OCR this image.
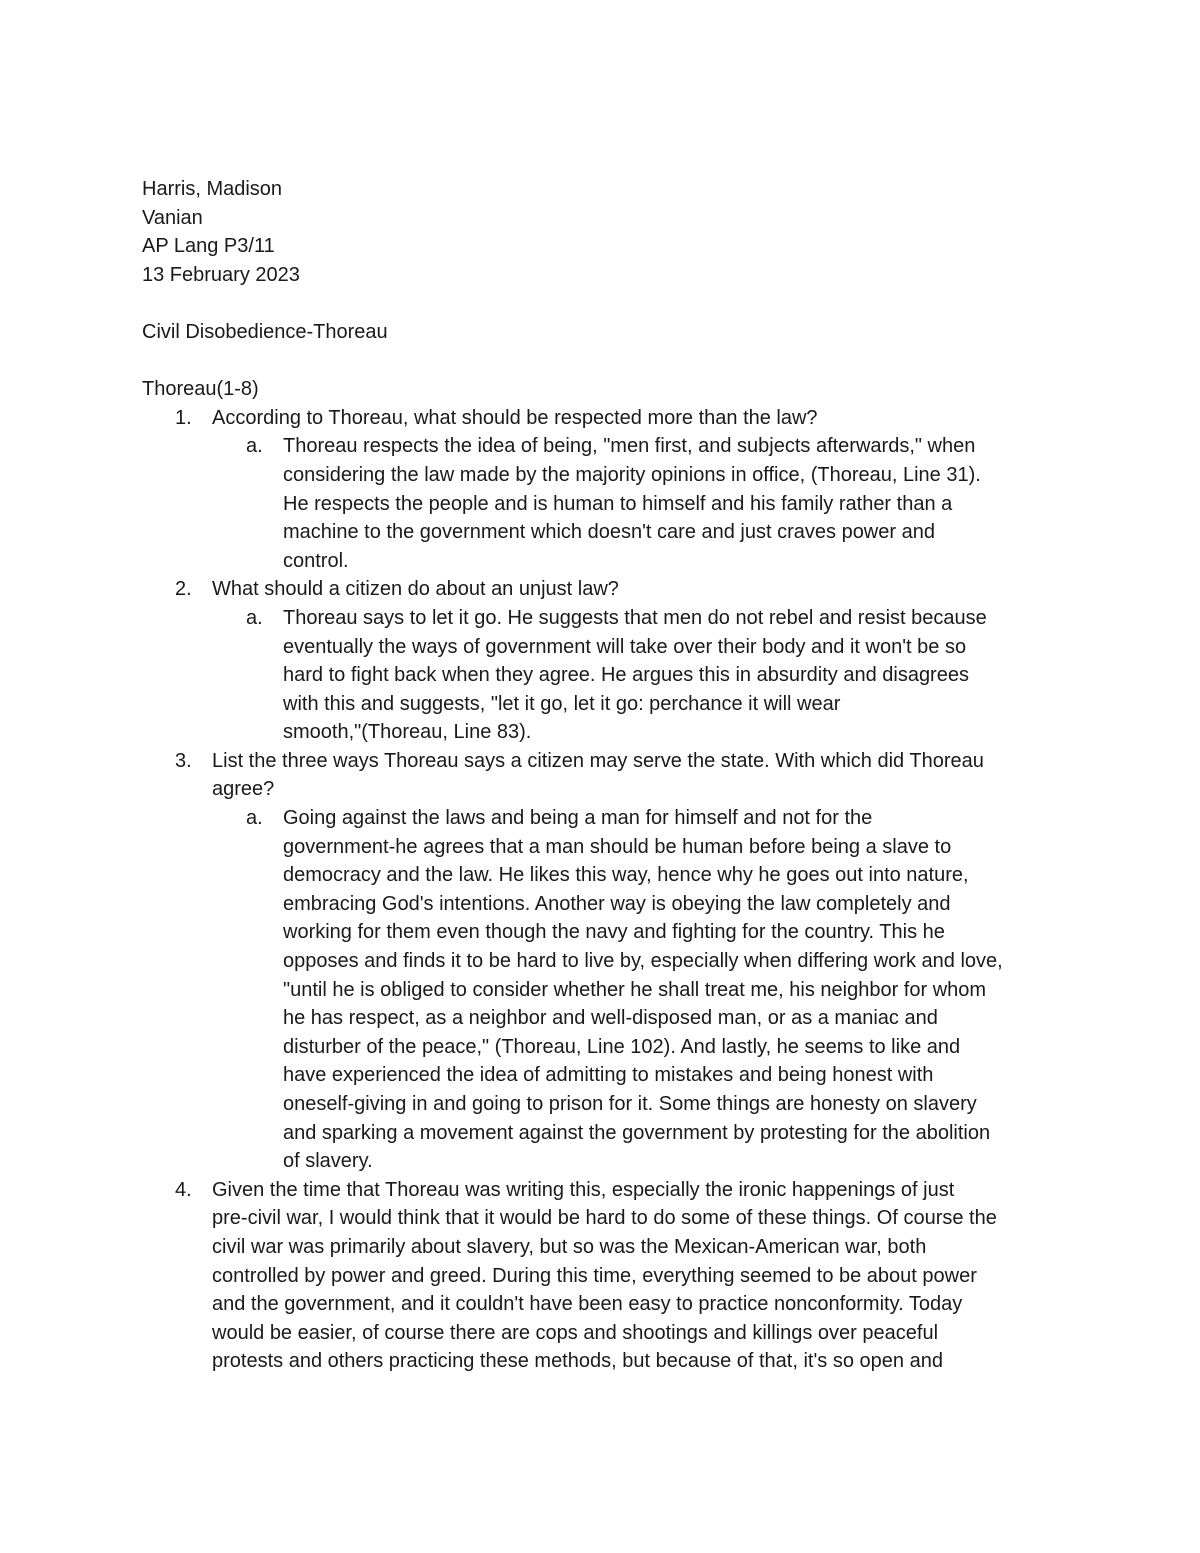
Harris, Madison
Vanian
AP Lang P3/11
13 February 2023
Civil Disobedience-Thoreau
Thoreau(1-8)
1. According to Thoreau, what should be respected more than the law?
a. Thoreau respects the idea of being, "men first, and subjects afterwards," when
considering the law made by the majority opinions in office, (Thoreau, Line 31).
He respects the people and is human to himself and his family rather than a
machine to the government which doesn't care and just craves power and
control.
2. What should a citizen do about an unjust law?
a. Thoreau says to let it go. He suggests that men do not rebel and resist because
eventually the ways of government will take over their body and it won't be so
hard to fight back when they agree. He argues this in absurdity and disagrees
with this and suggests, "let it go, let it go: perchance it will wear
smooth,"(Thoreau, Line 83).
3. List the three ways Thoreau says a citizen may serve the state. With which did Thoreau
agree?
a. Going against the laws and being a man for himself and not for the
government-he agrees that a man should be human before being a slave to
democracy and the law. He likes this way, hence why he goes out into nature,
embracing God's intentions. Another way is obeying the law completely and
working for them even though the navy and fighting for the country. This he
opposes and finds it to be hard to live by, especially when differing work and love,
"until he is obliged to consider whether he shall treat me, his neighbor for whom
he has respect, as a neighbor and well-disposed man, or as a maniac and
disturber of the peace," (Thoreau, Line 102). And lastly, he seems to like and
have experienced the idea of admitting to mistakes and being honest with
oneself-giving in and going to prison for it. Some things are honesty on slavery
and sparking a movement against the government by protesting for the abolition
of slavery.
4. Given the time that Thoreau was writing this, especially the ironic happenings of just
pre-civil war, I would think that it would be hard to do some of these things. Of course the
civil war was primarily about slavery, but so was the Mexican-American war, both
controlled by power and greed. During this time, everything seemed to be about power
and the government, and it couldn't have been easy to practice nonconformity. Today
would be easier, of course there are cops and shootings and killings over peaceful
protests and others practicing these methods, but because of that, it's so open and
